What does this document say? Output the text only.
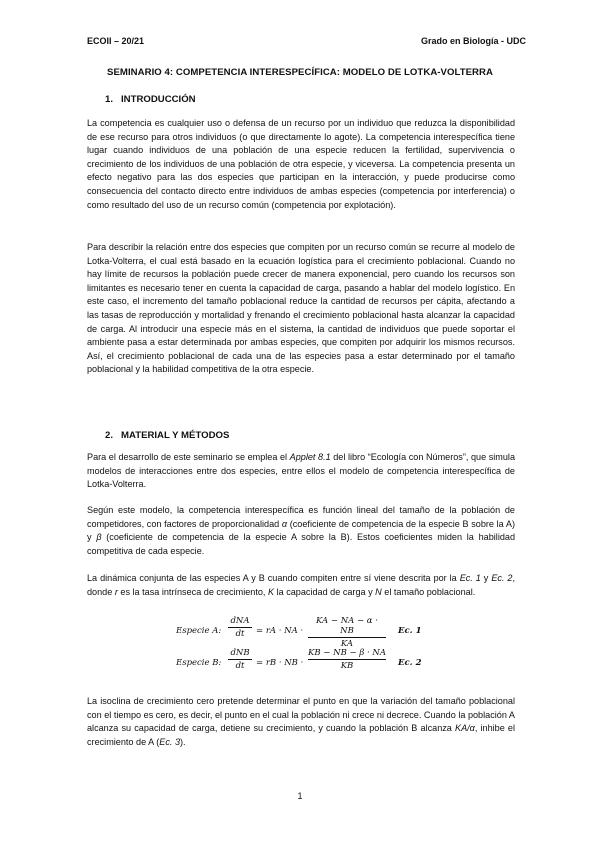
ECOII – 20/21	Grado en Biología - UDC
SEMINARIO 4: COMPETENCIA INTERESPECÍFICA: MODELO DE LOTKA-VOLTERRA
1. INTRODUCCIÓN

La competencia es cualquier uso o defensa de un recurso por un individuo que reduzca la disponibilidad de ese recurso para otros individuos (o que directamente lo agote). La competencia interespecífica tiene lugar cuando individuos de una población de una especie reducen la fertilidad, supervivencia o crecimiento de los individuos de una población de otra especie, y viceversa. La competencia presenta un efecto negativo para las dos especies que participan en la interacción, y puede producirse como consecuencia del contacto directo entre individuos de ambas especies (competencia por interferencia) o como resultado del uso de un recurso común (competencia por explotación).

Para describir la relación entre dos especies que compiten por un recurso común se recurre al modelo de Lotka-Volterra, el cual está basado en la ecuación logística para el crecimiento poblacional. Cuando no hay límite de recursos la población puede crecer de manera exponencial, pero cuando los recursos son limitantes es necesario tener en cuenta la capacidad de carga, pasando a hablar del modelo logístico. En este caso, el incremento del tamaño poblacional reduce la cantidad de recursos per cápita, afectando a las tasas de reproducción y mortalidad y frenando el crecimiento poblacional hasta alcanzar la capacidad de carga. Al introducir una especie más en el sistema, la cantidad de individuos que puede soportar el ambiente pasa a estar determinada por ambas especies, que compiten por adquirir los mismos recursos. Así, el crecimiento poblacional de cada una de las especies pasa a estar determinado por el tamaño poblacional y la habilidad competitiva de la otra especie.

2. MATERIAL Y MÉTODOS

Para el desarrollo de este seminario se emplea el Applet 8.1 del libro “Ecología con Números”, que simula modelos de interacciones entre dos especies, entre ellos el modelo de competencia interespecífica de Lotka-Volterra.

Según este modelo, la competencia interespecífica es función lineal del tamaño de la población de competidores, con factores de proporcionalidad α (coeficiente de competencia de la especie B sobre la A) y β (coeficiente de competencia de la especie A sobre la B). Estos coeficientes miden la habilidad competitiva de cada especie.

La dinámica conjunta de las especies A y B cuando compiten entre sí viene descrita por la Ec. 1 y Ec. 2, donde r es la tasa intrínseca de crecimiento, K la capacidad de carga y N el tamaño poblacional.

Especie A:
dNA
dt	= rA · NA · $\frac{KA - NA - \alpha \cdot NB}{KA} Ec$. 1
Especie B:
dNB
dt	= rB · NB · $\frac{KB - NB - \beta \cdot NA}{KB} Ec$. 2

La isoclina de crecimiento cero pretende determinar el punto en que la variación del tamaño poblacional con el tiempo es cero, es decir, el punto en el cual la población ni crece ni decrece. Cuando la población A alcanza su capacidad de carga, detiene su crecimiento, y cuando la población B alcanza KA/α, inhibe el crecimiento de A (Ec. 3).

1
